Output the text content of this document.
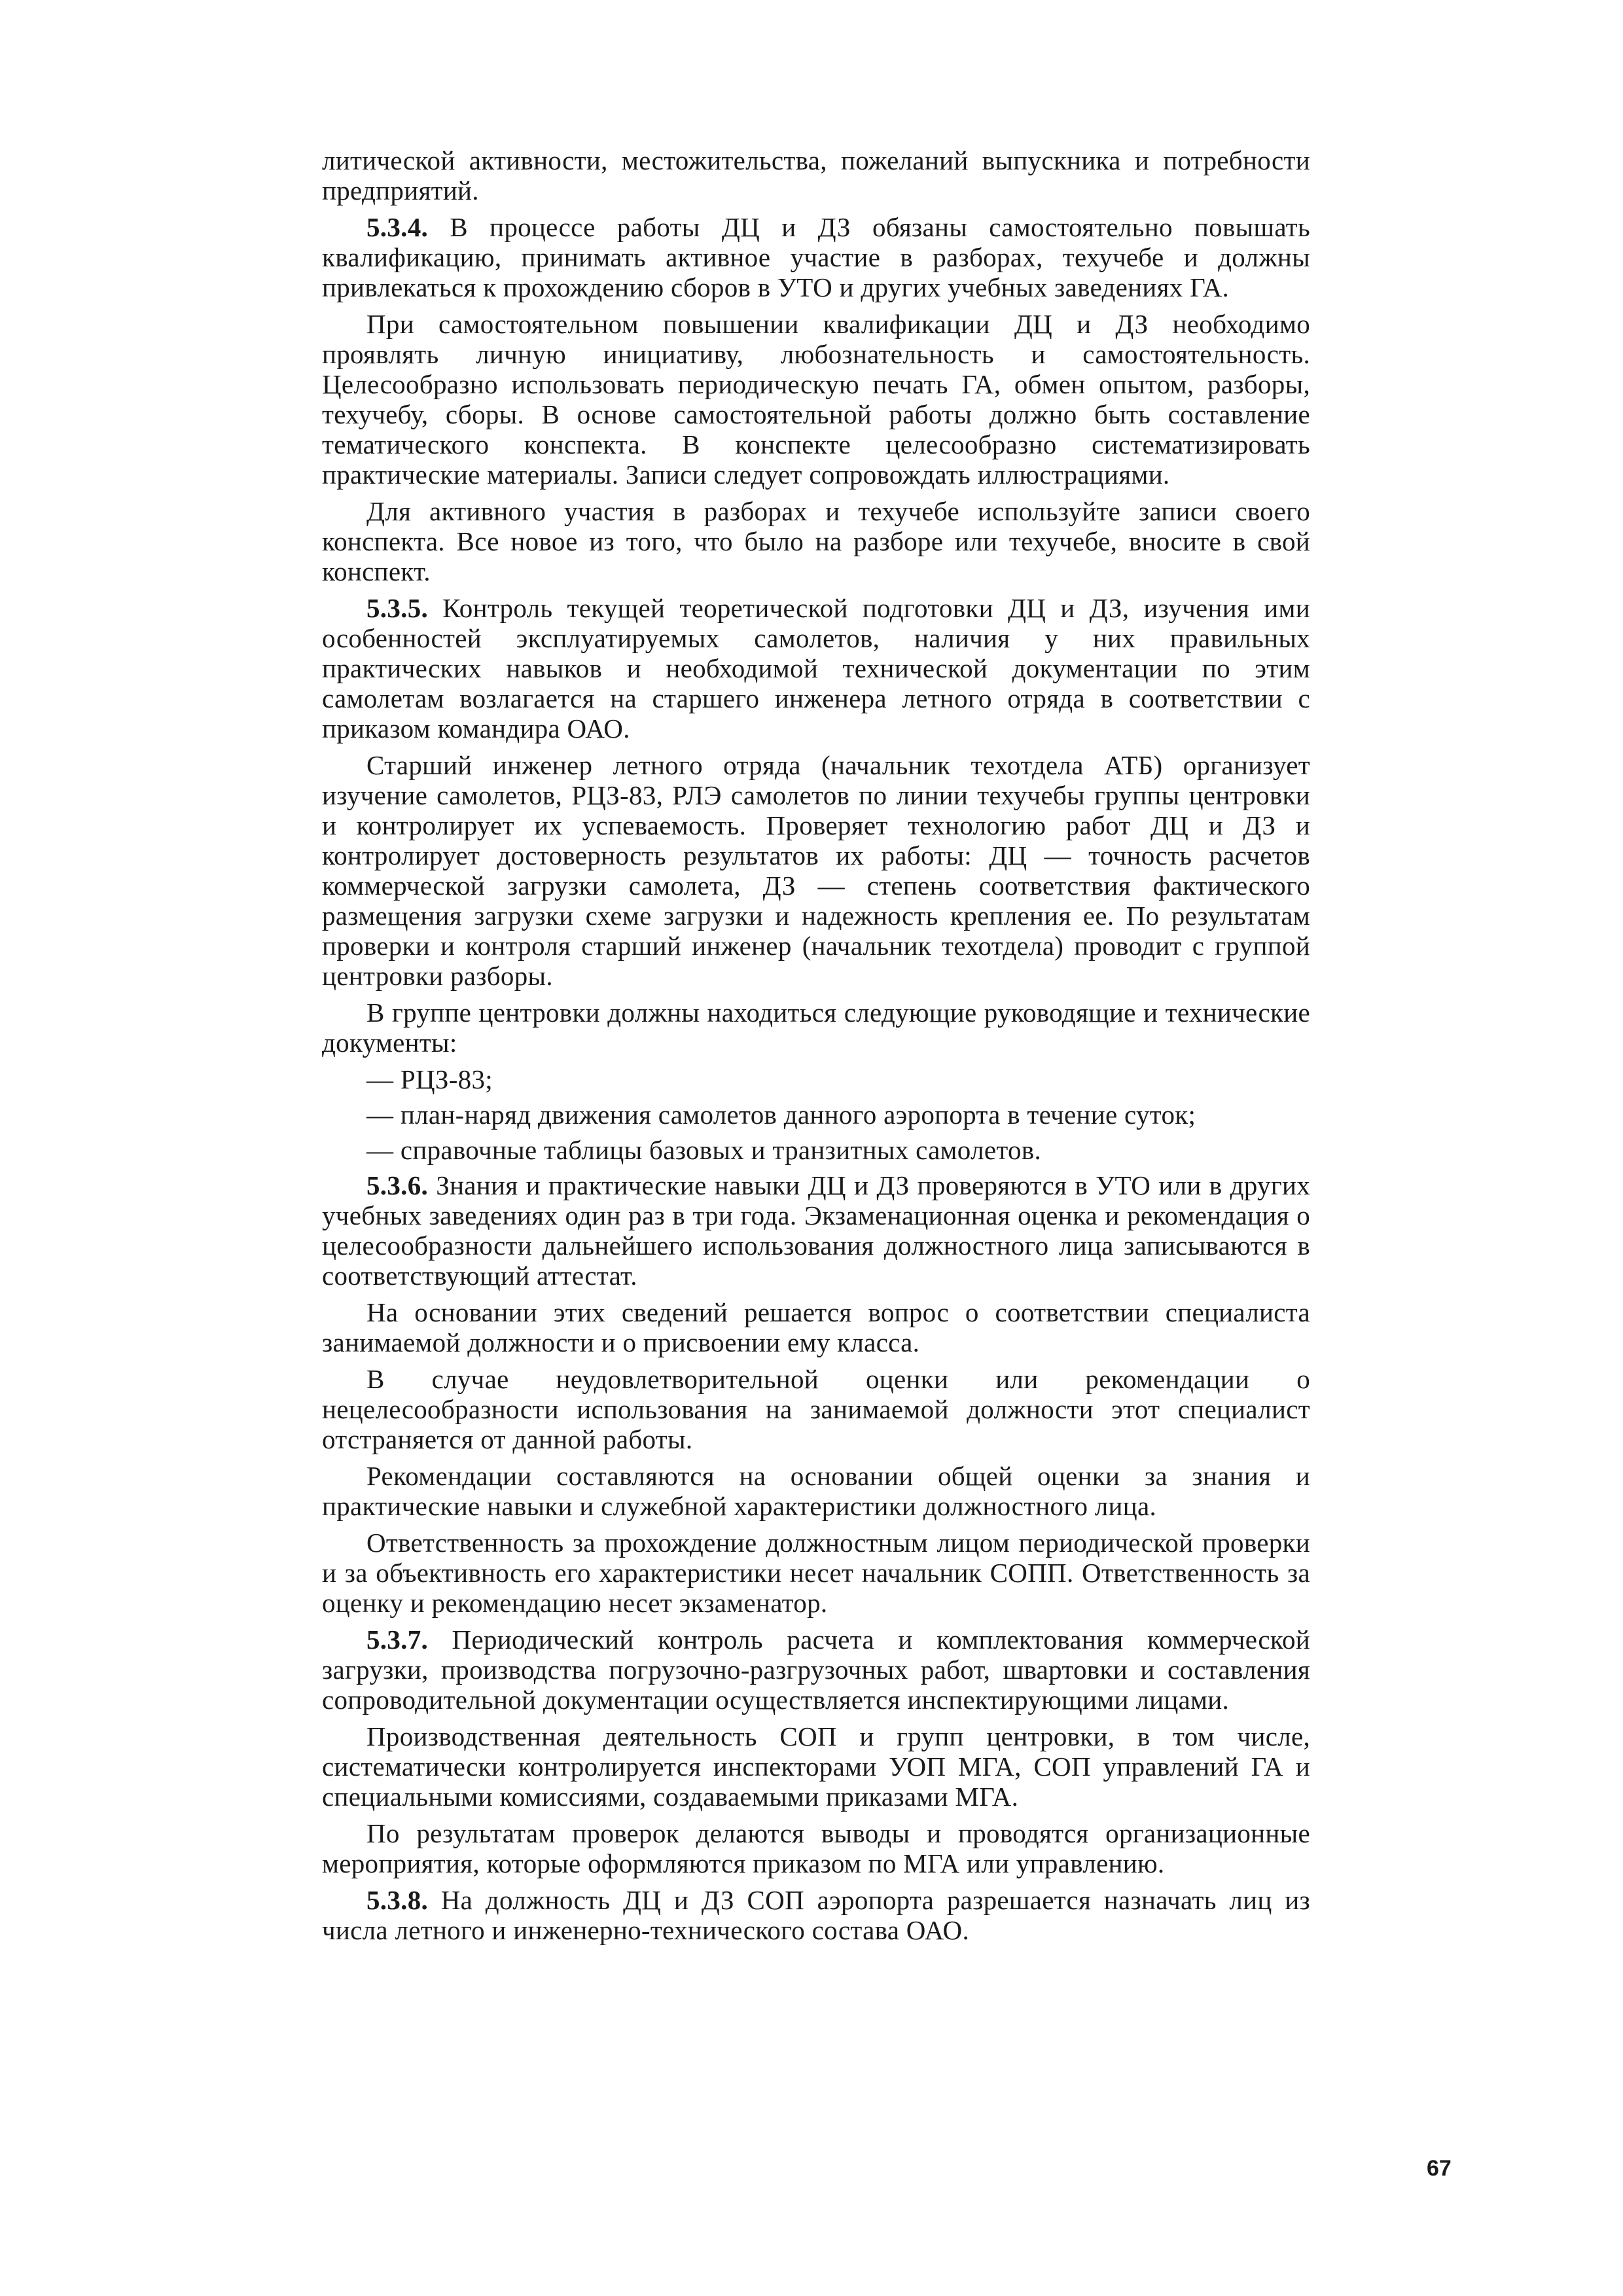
литической активности, местожительства, пожеланий выпускника и потребности предприятий.

5.3.4. В процессе работы ДЦ и ДЗ обязаны самостоятельно повышать квалификацию, принимать активное участие в разборах, техучебе и должны привлекаться к прохождению сборов в УТО и других учебных заведениях ГА.

При самостоятельном повышении квалификации ДЦ и ДЗ необходимо проявлять личную инициативу, любознательность и самостоятельность. Целесообразно использовать периодическую печать ГА, обмен опытом, разборы, техучебу, сборы. В основе самостоятельной работы должно быть составление тематического конспекта. В конспекте целесообразно систематизировать практические материалы. Записи следует сопровождать иллюстрациями.

Для активного участия в разборах и техучебе используйте записи своего конспекта. Все новое из того, что было на разборе или техучебе, вносите в свой конспект.

5.3.5. Контроль текущей теоретической подготовки ДЦ и ДЗ, изучения ими особенностей эксплуатируемых самолетов, наличия у них правильных практических навыков и необходимой технической документации по этим самолетам возлагается на старшего инженера летного отряда в соответствии с приказом командира ОАО.

Старший инженер летного отряда (начальник техотдела АТБ) организует изучение самолетов, РЦЗ-83, РЛЭ самолетов по линии техучебы группы центровки и контролирует их успеваемость. Проверяет технологию работ ДЦ и ДЗ и контролирует достоверность результатов их работы: ДЦ — точность расчетов коммерческой загрузки самолета, ДЗ — степень соответствия фактического размещения загрузки схеме загрузки и надежность крепления ее. По результатам проверки и контроля старший инженер (начальник техотдела) проводит с группой центровки разборы.

В группе центровки должны находиться следующие руководящие и технические документы:

— РЦЗ-83;

— план-наряд движения самолетов данного аэропорта в течение суток;

— справочные таблицы базовых и транзитных самолетов.

5.3.6. Знания и практические навыки ДЦ и ДЗ проверяются в УТО или в других учебных заведениях один раз в три года. Экзаменационная оценка и рекомендация о целесообразности дальнейшего использования должностного лица записываются в соответствующий аттестат.

На основании этих сведений решается вопрос о соответствии специалиста занимаемой должности и о присвоении ему класса.

В случае неудовлетворительной оценки или рекомендации о нецелесообразности использования на занимаемой должности этот специалист отстраняется от данной работы.

Рекомендации составляются на основании общей оценки за знания и практические навыки и служебной характеристики должностного лица.

Ответственность за прохождение должностным лицом периодической проверки и за объективность его характеристики несет начальник СОПП. Ответственность за оценку и рекомендацию несет экзаменатор.

5.3.7. Периодический контроль расчета и комплектования коммерческой загрузки, производства погрузочно-разгрузочных работ, швартовки и составления сопроводительной документации осуществляется инспектирующими лицами.

Производственная деятельность СОП и групп центровки, в том числе, систематически контролируется инспекторами УОП МГА, СОП управлений ГА и специальными комиссиями, создаваемыми приказами МГА.

По результатам проверок делаются выводы и проводятся организационные мероприятия, которые оформляются приказом по МГА или управлению.

5.3.8. На должность ДЦ и ДЗ СОП аэропорта разрешается назначать лиц из числа летного и инженерно-технического состава ОАО.

67
